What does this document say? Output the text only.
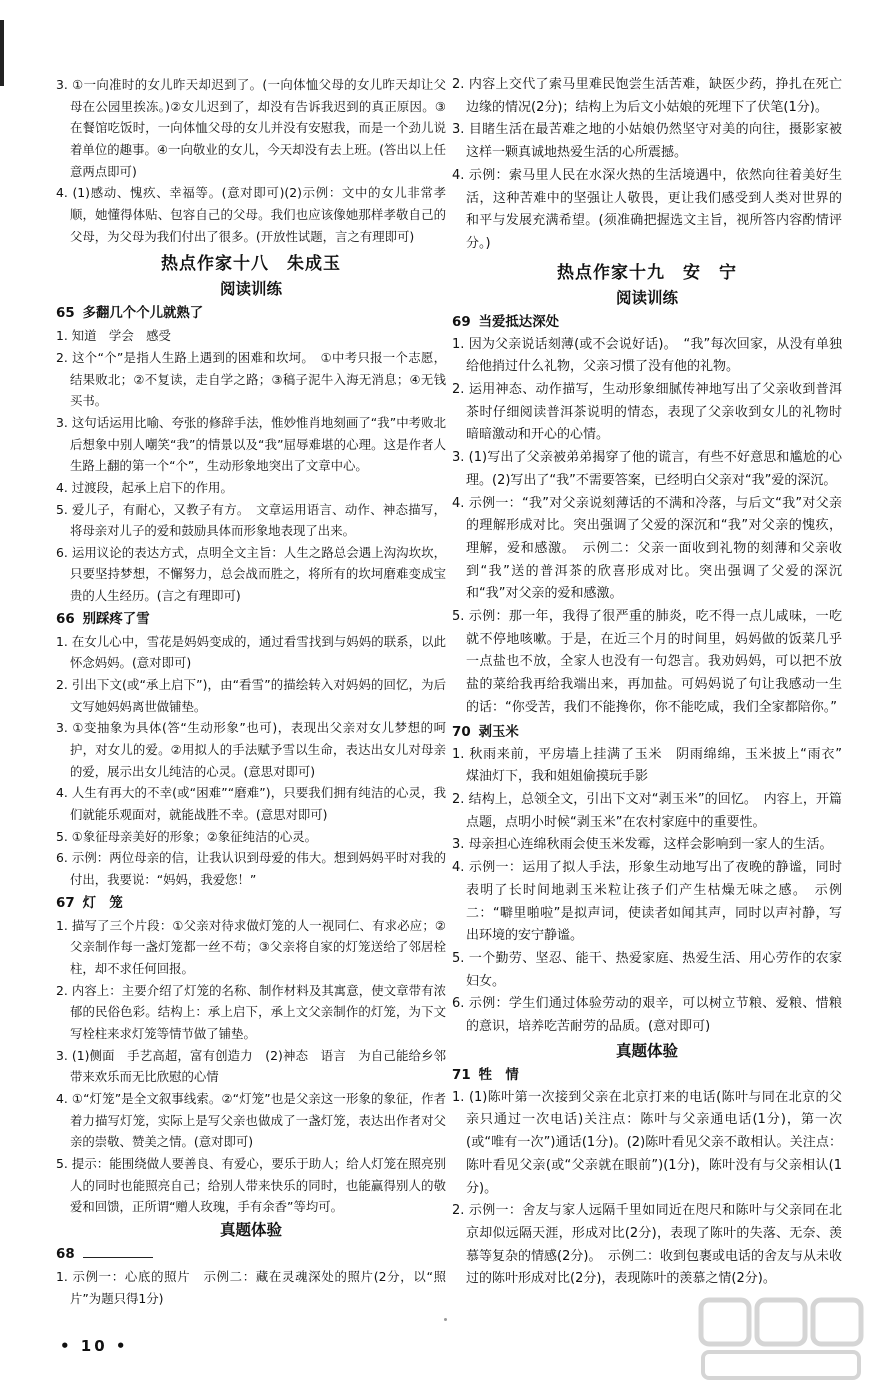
3. ①一向准时的女儿昨天却迟到了。(一向体恤父母的女儿昨天却让父母在公园里挨冻。)②女儿迟到了，却没有告诉我迟到的真正原因。③在餐馆吃饭时，一向体恤父母的女儿并没有安慰我，而是一个劲儿说着单位的趣事。④一向敬业的女儿，今天却没有去上班。(答出以上任意两点即可)

4. (1)感动、愧疚、幸福等。(意对即可)(2)示例：文中的女儿非常孝顺，她懂得体贴、包容自己的父母。我们也应该像她那样孝敬自己的父母，为父母为我们付出了很多。(开放性试题，言之有理即可)

热点作家十八　朱成玉

阅读训练

65 多翻几个个儿就熟了

1. 知道　学会　感受

2. 这个“个”是指人生路上遇到的困难和坎坷。　①中考只报一个志愿，结果败北；②不复读，走自学之路；③稿子泥牛入海无消息；④无钱买书。

3. 这句话运用比喻、夸张的修辞手法，惟妙惟肖地刻画了“我”中考败北后想象中别人嘲笑“我”的情景以及“我”屈辱难堪的心理。这是作者人生路上翻的第一个“个”，生动形象地突出了文章中心。

4. 过渡段，起承上启下的作用。

5. 爱儿子，有耐心，又教子有方。　文章运用语言、动作、神态描写，将母亲对儿子的爱和鼓励具体而形象地表现了出来。

6. 运用议论的表达方式，点明全文主旨：人生之路总会遇上沟沟坎坎，只要坚持梦想，不懈努力，总会战而胜之，将所有的坎坷磨难变成宝贵的人生经历。(言之有理即可)

66 别踩疼了雪

1. 在女儿心中，雪花是妈妈变成的，通过看雪找到与妈妈的联系，以此怀念妈妈。(意对即可)

2. 引出下文(或“承上启下”)，由“看雪”的描绘转入对妈妈的回忆，为后文写她妈妈离世做铺垫。

3. ①变抽象为具体(答“生动形象”也可)，表现出父亲对女儿梦想的呵护，对女儿的爱。②用拟人的手法赋予雪以生命，表达出女儿对母亲的爱，展示出女儿纯洁的心灵。(意思对即可)

4. 人生有再大的不幸(或“困难”“磨难”)，只要我们拥有纯洁的心灵，我们就能乐观面对，就能战胜不幸。(意思对即可)

5. ①象征母亲美好的形象；②象征纯洁的心灵。

6. 示例：两位母亲的信，让我认识到母爱的伟大。想到妈妈平时对我的付出，我要说：“妈妈，我爱您！”

67 灯　笼

1. 描写了三个片段：①父亲对待求做灯笼的人一视同仁、有求必应；②父亲制作每一盏灯笼都一丝不苟；③父亲将自家的灯笼送给了邻居栓柱，却不求任何回报。

2. 内容上：主要介绍了灯笼的名称、制作材料及其寓意，使文章带有浓郁的民俗色彩。结构上：承上启下，承上文父亲制作的灯笼，为下文写栓柱来求灯笼等情节做了铺垫。

3. (1)侧面　手艺高超，富有创造力　(2)神态　语言　为自己能给乡邻带来欢乐而无比欣慰的心情

4. ①“灯笼”是全文叙事线索。②“灯笼”也是父亲这一形象的象征，作者着力描写灯笼，实际上是写父亲也做成了一盏灯笼，表达出作者对父亲的崇敬、赞美之情。(意对即可)

5. 提示：能围绕做人要善良、有爱心，要乐于助人；给人灯笼在照亮别人的同时也能照亮自己；给别人带来快乐的同时，也能赢得别人的敬爱和回馈，正所谓“赠人玫瑰，手有余香”等均可。

真题体验

68

1. 示例一：心底的照片　示例二：藏在灵魂深处的照片(2分，以“照片”为题只得1分)

2. 内容上交代了索马里难民饱尝生活苦难，缺医少药，挣扎在死亡边缘的情况(2分)；结构上为后文小姑娘的死埋下了伏笔(1分)。

3. 目睹生活在最苦难之地的小姑娘仍然坚守对美的向往，摄影家被这样一颗真诚地热爱生活的心所震撼。

4. 示例：索马里人民在水深火热的生活境遇中，依然向往着美好生活，这种苦难中的坚强让人敬畏，更让我们感受到人类对世界的和平与发展充满希望。(须准确把握选文主旨，视所答内容酌情评分。)

热点作家十九　安　宁

阅读训练

69 当爱抵达深处

1. 因为父亲说话刻薄(或不会说好话)。　“我”每次回家，从没有单独给他捎过什么礼物，父亲习惯了没有他的礼物。

2. 运用神态、动作描写，生动形象细腻传神地写出了父亲收到普洱茶时仔细阅读普洱茶说明的情态，表现了父亲收到女儿的礼物时暗暗激动和开心的心情。

3. (1)写出了父亲被弟弟揭穿了他的谎言，有些不好意思和尴尬的心理。(2)写出了“我”不需要答案，已经明白父亲对“我”爱的深沉。

4. 示例一：“我”对父亲说刻薄话的不满和冷落，与后文“我”对父亲的理解形成对比。突出强调了父爱的深沉和“我”对父亲的愧疚，理解，爱和感激。　示例二：父亲一面收到礼物的刻薄和父亲收到“我”送的普洱茶的欣喜形成对比。突出强调了父爱的深沉和“我”对父亲的爱和感激。

5. 示例：那一年，我得了很严重的肺炎，吃不得一点儿咸味，一吃就不停地咳嗽。于是，在近三个月的时间里，妈妈做的饭菜几乎一点盐也不放，全家人也没有一句怨言。我劝妈妈，可以把不放盐的菜给我再给我端出来，再加盐。可妈妈说了句让我感动一生的话：“你受苦，我们不能搀你，你不能吃咸，我们全家都陪你。”

70 剥玉米

1. 秋雨来前，平房墙上挂满了玉米　阴雨绵绵，玉米披上“雨衣”　煤油灯下，我和姐姐偷摸玩手影

2. 结构上，总领全文，引出下文对“剥玉米”的回忆。　内容上，开篇点题，点明小时候“剥玉米”在农村家庭中的重要性。

3. 母亲担心连绵秋雨会使玉米发霉，这样会影响到一家人的生活。

4. 示例一：运用了拟人手法，形象生动地写出了夜晚的静谧，同时表明了长时间地剥玉米粒让孩子们产生枯燥无味之感。　示例二：“噼里啪啦”是拟声词，使读者如闻其声，同时以声衬静，写出环境的安宁静谧。

5. 一个勤劳、坚忍、能干、热爱家庭、热爱生活、用心劳作的农家妇女。

6. 示例：学生们通过体验劳动的艰辛，可以树立节粮、爱粮、惜粮的意识，培养吃苦耐劳的品质。(意对即可)

真题体验

71 牲　情

1. (1)陈叶第一次接到父亲在北京打来的电话(陈叶与同在北京的父亲只通过一次电话)关注点：陈叶与父亲通电话(1分)，第一次(或“唯有一次”)通话(1分)。(2)陈叶看见父亲不敢相认。关注点：陈叶看见父亲(或“父亲就在眼前”)(1分)，陈叶没有与父亲相认(1分)。

2. 示例一：舍友与家人远隔千里如同近在咫尺和陈叶与父亲同在北京却似远隔天涯，形成对比(2分)，表现了陈叶的失落、无奈、羡慕等复杂的情感(2分)。　示例二：收到包裹或电话的舍友与从未收过的陈叶形成对比(2分)，表现陈叶的羡慕之情(2分)。

• 10 •
